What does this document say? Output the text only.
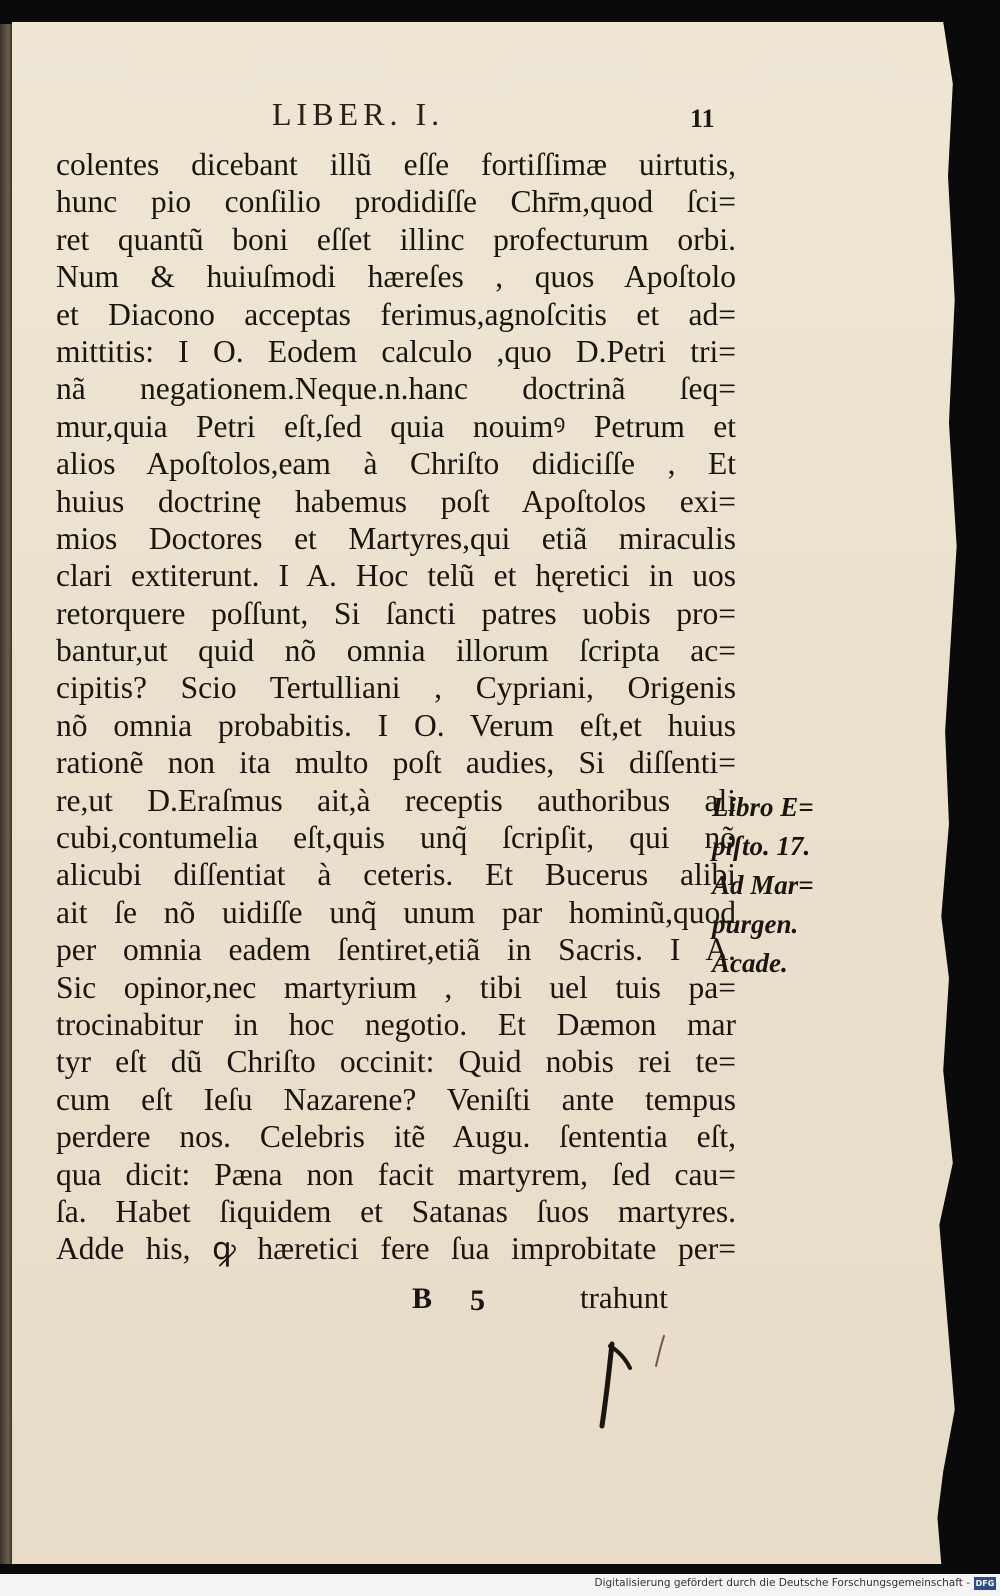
LIBER. I.	11
colentes dicebant illũ eſſe fortiſſimæ uirtutis,
hunc pio conſilio prodidiſſe Chr̄m,quod ſci=
ret quantũ boni eſſet illinc profecturum orbi.
Num & huiuſmodi hæreſes , quos Apoſtolo
et Diacono acceptas ferimus,agnoſcitis et ad=
mittitis: I O. Eodem calculo ,quo D.Petri tri=
nã negationem.Neque.n.hanc doctrinã ſeq=
mur,quia Petri eſt,ſed quia nouimꝰ Petrum et
alios Apoſtolos,eam à Chriſto didiciſſe , Et
huius doctrinę habemus poſt Apoſtolos exi=
mios Doctores et Martyres,qui etiã miraculis
clari extiterunt. I A. Hoc telũ et hęretici in uos
retorquere poſſunt, Si ſancti patres uobis pro=
bantur,ut quid nõ omnia illorum ſcripta ac=
cipitis? Scio Tertulliani , Cypriani, Origenis
nõ omnia probabitis. I O. Verum eſt,et huius
rationẽ non ita multo poſt audies, Si diſſenti=
re,ut D.Eraſmus ait,à receptis authoribus ali
cubi,contumelia eſt,quis unq̃ ſcripſit, qui nõ
alicubi diſſentiat à ceteris. Et Bucerus alibi
ait ſe nõ uidiſſe unq̃ unum par hominũ,quod
per omnia eadem ſentiret,etiã in Sacris. I A.
Sic opinor,nec martyrium , tibi uel tuis pa=
trocinabitur in hoc negotio. Et Dæmon mar
tyr eſt dũ Chriſto occinit: Quid nobis rei te=
cum eſt Ieſu Nazarene? Veniſti ante tempus
perdere nos. Celebris itẽ Augu. ſententia eſt,
qua dicit: Pæna non facit martyrem, ſed cau=
ſa. Habet ſiquidem et Satanas ſuos martyres.
Adde his, ꝙ hæretici fere ſua improbitate per=
Libro E=
piſto. 17.
Ad Mar=
purgen.
Acade.
B 5	trahunt
Digitalisierung gefördert durch die Deutsche Forschungsgemeinschaft - DFG
